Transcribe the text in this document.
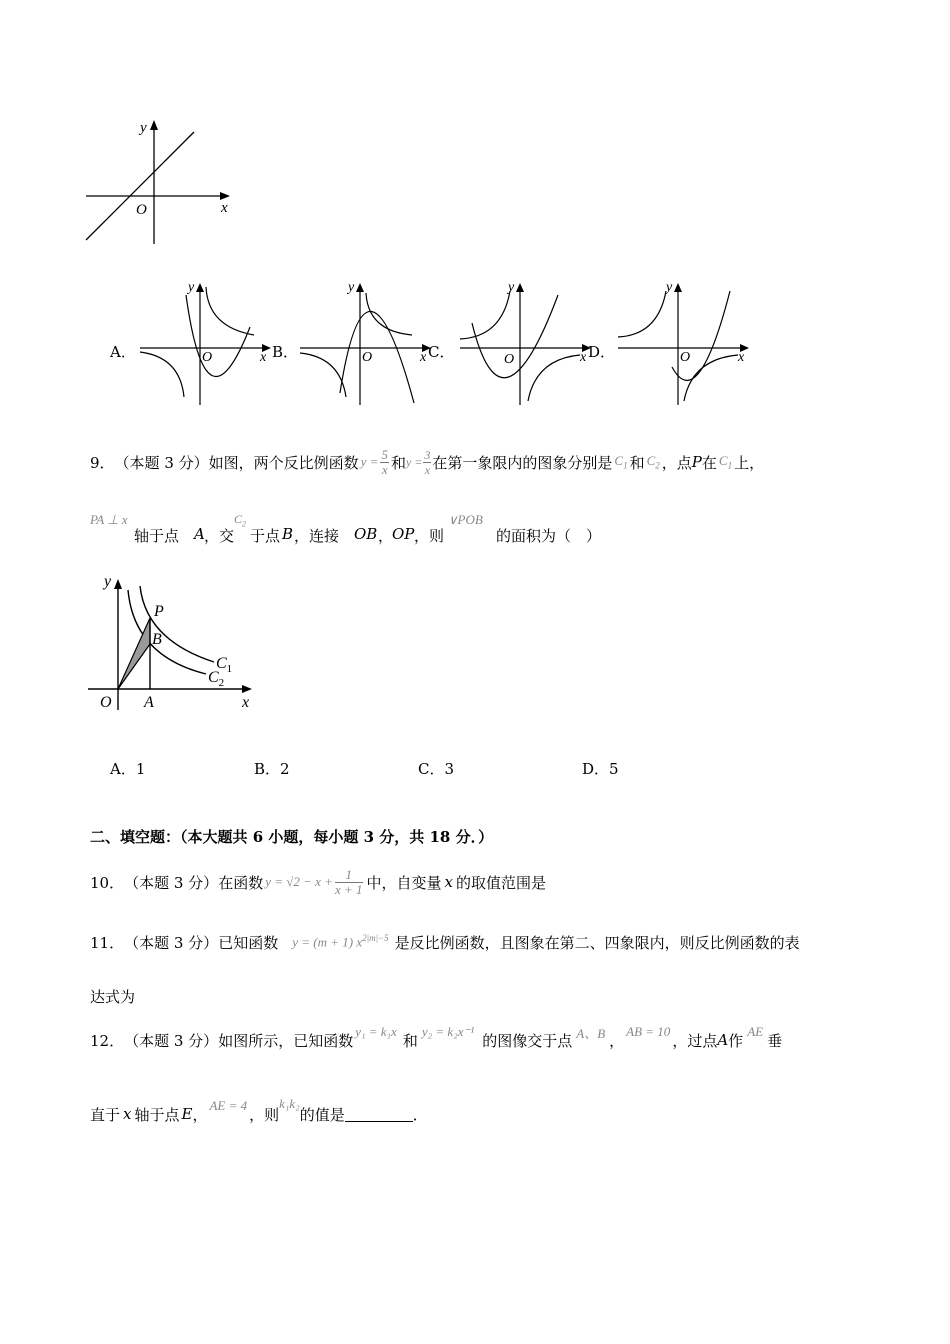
y
x
O
A．
y
x
O	B．
y
x
O	C．
y
x
O	D．
y
x
O
9． （本题 3 分） 如图，两个反比例函数 $y = \frac{5}{x}$ 和 $y = \frac{3}{x}$ 在第一象限内的图象分别是 $C_1$ 和 $C_2$ ，点 P 在 $C_1$ 上，
PA ⊥ x
轴于点 A ，交
$C_2$
于点 B ，连接 OB ，
OP ，则
∨POB
的面积为（　）
y
x
O A
B
P
$C_1$
$C_2$
A．1	B．2	C．3	D．5
二、填空题：（本大题共 6 小题，每小题 3 分，共 18 分．）
10． （本题 3 分） 在函数 $y = √2 - x + \frac{1}{x + 1}$ 中，自变量 x 的取值范围是
11． （本题 3 分） 已知函数 y = (m + 1) $x^{2|m|-5}$ 是反比例函数，且图象在第二、四象限内，则反比例函数的表
达式为
12． （本题 3 分） 如图所示，已知函数 y₁ = k₁x 和 y₂ = k₂x⁻¹ 的图像交于点 A、B ， AB = 10 ，过点 A 作 AE 垂
直于 x 轴于点 E ， AE = 4 ，则
k₁k₂
的值是	．
